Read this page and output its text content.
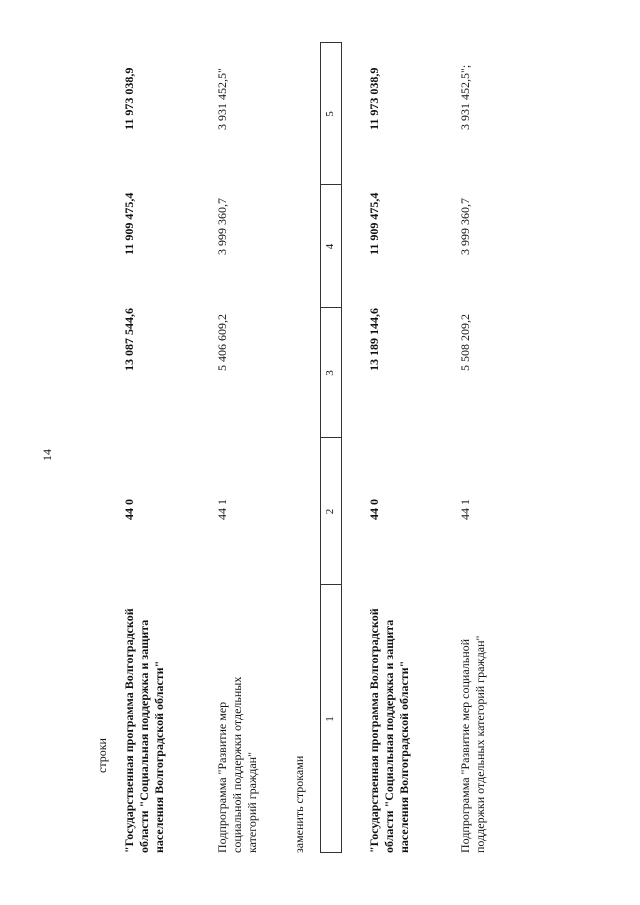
14
строки "Государственная программа Волгоградской области "Социальная поддержка и защита населения Волгоградской области"
44 0
13 087 544,6
11 909 475,4
11 973 038,9
Подпрограмма "Развитие мер социальной поддержки отдельных категорий граждан"
44 1
5 406 609,2
3 999 360,7
3 931 452,5"
заменить строками
1
2
3
4
5
"Государственная программа Волгоградской области "Социальная поддержка и защита населения Волгоградской области"
44 0
13 189 144,6
11 909 475,4
11 973 038,9
Подпрограмма "Развитие мер социальной поддержки отдельных категорий граждан"
44 1
5 508 209,2
3 999 360,7
3 931 452,5";
